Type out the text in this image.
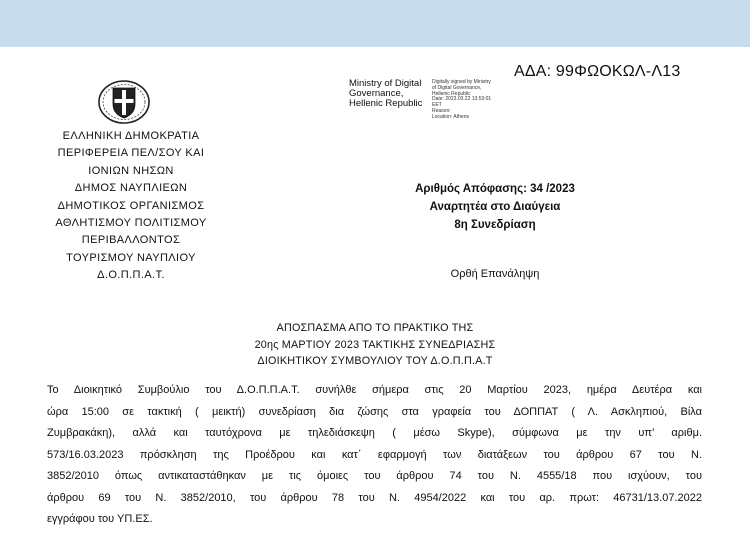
ΑΔΑ: 99ΦΩΟΚΩΛ-Λ13
Ministry of Digital
Governance,
Hellenic Republic
Digitally signed by Ministry
of Digital Governance,
Hellenic Republic
Date: 2023.03.22 13:53:01
EET
Reason:
Location: Athens
ΕΛΛΗΝΙΚΗ ΔΗΜΟΚΡΑΤΙΑ
ΠΕΡΙΦΕΡΕΙΑ ΠΕΛ/ΣΟΥ ΚΑΙ
ΙΟΝΙΩΝ ΝΗΣΩΝ
ΔΗΜΟΣ ΝΑΥΠΛΙΕΩΝ
ΔΗΜΟΤΙΚΟΣ ΟΡΓΑΝΙΣΜΟΣ
ΑΘΛΗΤΙΣΜΟΥ ΠΟΛΙΤΙΣΜΟΥ
ΠΕΡΙΒΑΛΛΟΝΤΟΣ
ΤΟΥΡΙΣΜΟΥ ΝΑΥΠΛΙΟΥ
Δ.Ο.Π.Π.Α.Τ.
Αριθμός Απόφασης: 34 /2023
Αναρτητέα στο Διαύγεια
8η Συνεδρίαση
Ορθή Επανάληψη
ΑΠΟΣΠΑΣΜΑ ΑΠΟ ΤΟ ΠΡΑΚΤΙΚΟ ΤΗΣ
20ης ΜΑΡΤΙΟΥ 2023 ΤΑΚΤΙΚΗΣ ΣΥΝΕΔΡΙΑΣΗΣ
ΔΙΟΙΚΗΤΙΚΟΥ ΣΥΜΒΟΥΛΙΟΥ ΤΟΥ Δ.Ο.Π.Π.Α.Τ
Το Διοικητικό Συμβούλιο του Δ.Ο.Π.Π.Α.Τ. συνήλθε σήμερα στις 20 Μαρτίου 2023, ημέρα Δευτέρα και
ώρα 15:00 σε τακτική ( μεικτή) συνεδρίαση δια ζώσης στα γραφεία του ΔΟΠΠΑΤ ( Λ. Ασκληπιού, Βίλα
Ζυμβρακάκη), αλλά και ταυτόχρονα με τηλεδιάσκεψη ( μέσω Skype), σύμφωνα με την υπ’ αριθμ.
573/16.03.2023 πρόσκληση της Προέδρου και κατ΄ εφαρμογή των διατάξεων του άρθρου 67 του Ν.
3852/2010 όπως αντικαταστάθηκαν με τις όμοιες του άρθρου 74 του Ν. 4555/18 που ισχύουν, του
άρθρου 69 του Ν. 3852/2010, του άρθρου 78 του Ν. 4954/2022 και του αρ. πρωτ: 46731/13.07.2022
εγγράφου του ΥΠ.ΕΣ.
